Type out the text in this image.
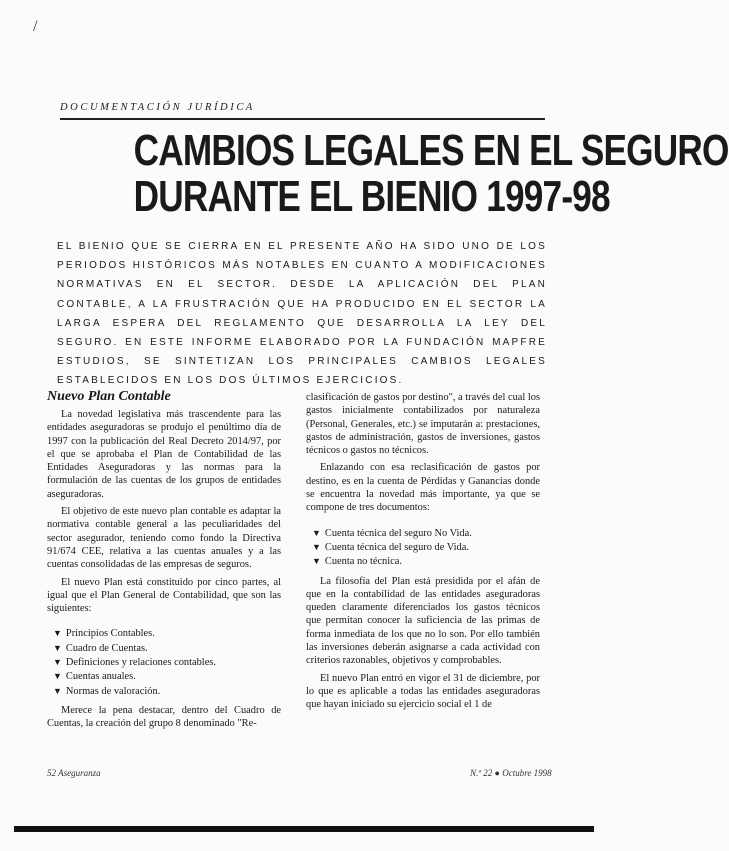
/
DOCUMENTACIÓN JURÍDICA
CAMBIOS LEGALES EN EL SEGURO
DURANTE EL BIENIO 1997-98
EL BIENIO QUE SE CIERRA EN EL PRESENTE AÑO HA SIDO UNO DE LOS PERIODOS HISTÓRICOS MÁS NOTABLES EN CUANTO A MODIFICACIONES NORMATIVAS EN EL SECTOR. DESDE LA APLICACIÓN DEL PLAN CONTABLE, A LA FRUSTRACIÓN QUE HA PRODUCIDO EN EL SECTOR LA LARGA ESPERA DEL REGLAMENTO QUE DESARROLLA LA LEY DEL SEGURO. EN ESTE INFORME ELABORADO POR LA FUNDACIÓN MAPFRE ESTUDIOS, SE SINTETIZAN LOS PRINCIPALES CAMBIOS LEGALES ESTABLECIDOS EN LOS DOS ÚLTIMOS EJERCICIOS.
Nuevo Plan Contable

La novedad legislativa más trascendente para las entidades aseguradoras se produjo el penúltimo día de 1997 con la publicación del Real Decreto 2014/97, por el que se aprobaba el Plan de Contabilidad de las Entidades Aseguradoras y las normas para la formulación de las cuentas de los grupos de entidades aseguradoras.

El objetivo de este nuevo plan contable es adaptar la normativa contable general a las peculiaridades del sector asegurador, teniendo como fondo la Directiva 91/674 CEE, relativa a las cuentas anuales y a las cuentas consolidadas de las empresas de seguros.

El nuevo Plan está constituido por cinco partes, al igual que el Plan General de Contabilidad, que son las siguientes:

▼ Principios Contables.
▼ Cuadro de Cuentas.
▼ Definiciones y relaciones contables.
▼ Cuentas anuales.
▼ Normas de valoración.

Merece la pena destacar, dentro del Cuadro de Cuentas, la creación del grupo 8 denominado "Re-

clasificación de gastos por destino", a través del cual los gastos inicialmente contabilizados por naturaleza (Personal, Generales, etc.) se imputarán a: prestaciones, gastos de administración, gastos de inversiones, gastos técnicos o gastos no técnicos.

Enlazando con esa reclasificación de gastos por destino, es en la cuenta de Pérdidas y Ganancias donde se encuentra la novedad más importante, ya que se compone de tres documentos:

▼ Cuenta técnica del seguro No Vida.
▼ Cuenta técnica del seguro de Vida.
▼ Cuenta no técnica.

La filosofía del Plan está presidida por el afán de que en la contabilidad de las entidades aseguradoras queden claramente diferenciados los gastos técnicos que permitan conocer la suficiencia de las primas de forma inmediata de los que no lo son. Por ello también las inversiones deberán asignarse a cada actividad con criterios razonables, objetivos y comprobables.

El nuevo Plan entró en vigor el 31 de diciembre, por lo que es aplicable a todas las entidades aseguradoras que hayan iniciado su ejercicio social el 1 de

52 Aseguranza	N.º 22 ● Octubre 1998
